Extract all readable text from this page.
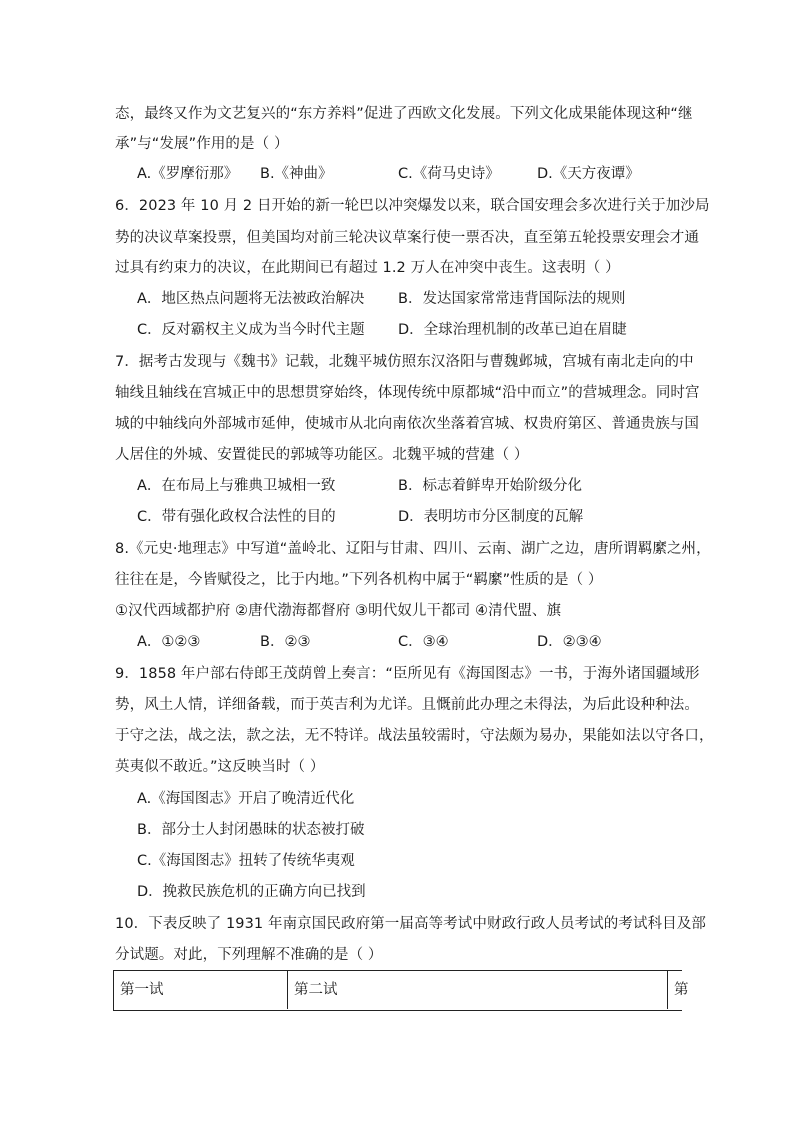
态，最终又作为文艺复兴的“东方养料”促进了西欧文化发展。下列文化成果能体现这种“继
承”与“发展”作用的是（ ）
A.《罗摩衍那》 B.《神曲》	C.《荷马史诗》	D.《天方夜谭》
6．2023 年 10 月 2 日开始的新一轮巴以冲突爆发以来，联合国安理会多次进行关于加沙局
势的决议草案投票，但美国均对前三轮决议草案行使一票否决，直至第五轮投票安理会才通
过具有约束力的决议，在此期间已有超过 1.2 万人在冲突中丧生。这表明（ ）
A．地区热点问题将无法被政治解决 B．发达国家常常违背国际法的规则
C．反对霸权主义成为当今时代主题 D．全球治理机制的改革已迫在眉睫
7．据考古发现与《魏书》记载，北魏平城仿照东汉洛阳与曹魏邺城，宫城有南北走向的中
轴线且轴线在宫城正中的思想贯穿始终，体现传统中原都城“沿中而立”的营城理念。同时宫
城的中轴线向外部城市延伸，使城市从北向南依次坐落着宫城、权贵府第区、普通贵族与国
人居住的外城、安置徙民的郭城等功能区。北魏平城的营建（ ）
A．在布局上与雅典卫城相一致	B．标志着鲜卑开始阶级分化
C．带有强化政权合法性的目的	D．表明坊市分区制度的瓦解
8.《元史·地理志》中写道“盖岭北、辽阳与甘肃、四川、云南、湖广之边，唐所谓羁縻之州，
往往在是，今皆赋役之，比于内地。”下列各机构中属于“羁縻”性质的是（ ）
①汉代西域都护府 ②唐代渤海都督府 ③明代奴儿干都司 ④清代盟、旗
A．①②③	B．②③	C．③④	D．②③④
9．1858 年户部右侍郎王茂荫曾上奏言：“臣所见有《海国图志》一书，于海外诸国疆域形
势，风土人情，详细备载，而于英吉利为尤详。且慨前此办理之未得法，为后此设种种法。
于守之法，战之法，款之法，无不特详。战法虽较需时，守法颇为易办，果能如法以守各口，
英夷似不敢近。”这反映当时（ ）
A.《海国图志》开启了晚清近代化
B．部分士人封闭愚昧的状态被打破
C.《海国图志》扭转了传统华夷观
D．挽救民族危机的正确方向已找到
10．下表反映了 1931 年南京国民政府第一届高等考试中财政行政人员考试的考试科目及部
分试题。对此，下列理解不准确的是（ ）
第一试	第二试	第
